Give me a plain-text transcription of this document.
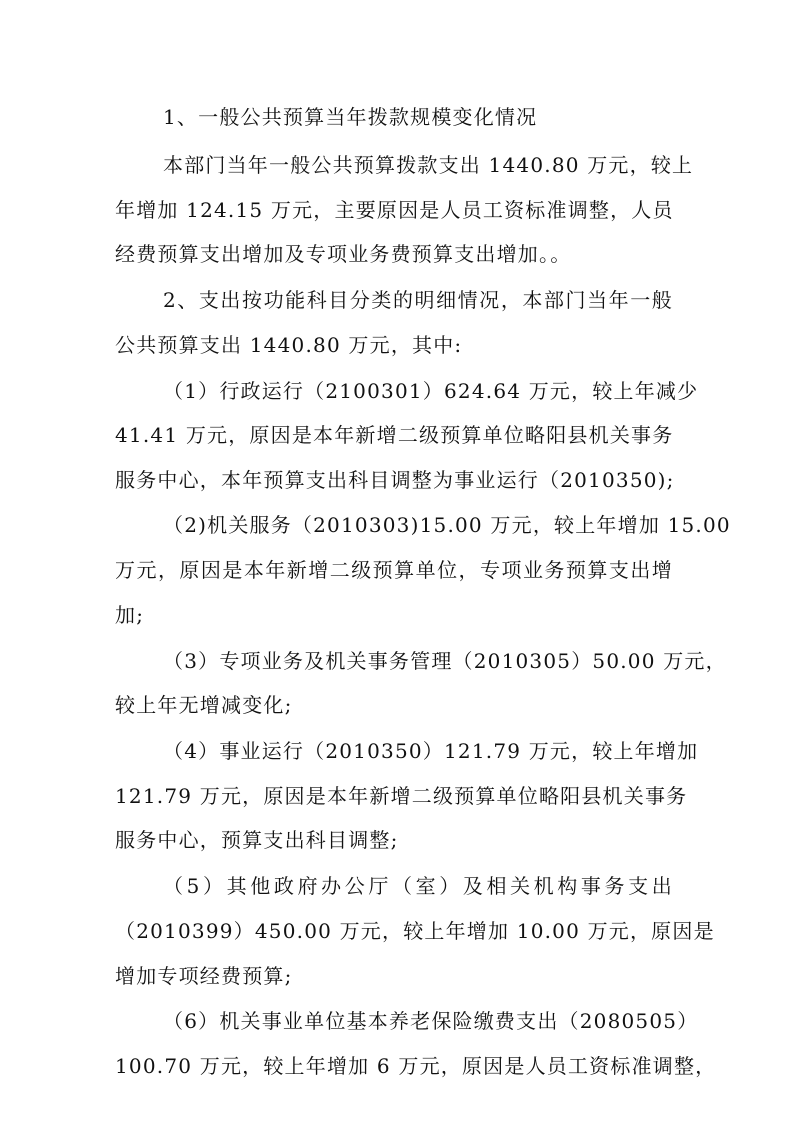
1、一般公共预算当年拨款规模变化情况
本部门当年一般公共预算拨款支出 1440.80 万元，较上
年增加 124.15 万元，主要原因是人员工资标准调整，人员
经费预算支出增加及专项业务费预算支出增加。。
2、支出按功能科目分类的明细情况，本部门当年一般
公共预算支出 1440.80 万元，其中:
（1）行政运行（2100301）624.64 万元，较上年减少
41.41 万元，原因是本年新增二级预算单位略阳县机关事务
服务中心，本年预算支出科目调整为事业运行（2010350);
（2)机关服务（2010303)15.00 万元，较上年增加 15.00
万元，原因是本年新增二级预算单位，专项业务预算支出增
加;
（3）专项业务及机关事务管理（2010305）50.00 万元，
较上年无增减变化;
（4）事业运行（2010350）121.79 万元，较上年增加
121.79 万元，原因是本年新增二级预算单位略阳县机关事务
服务中心，预算支出科目调整;
（5）其他政府办公厅（室）及相关机构事务支出
（2010399）450.00 万元，较上年增加 10.00 万元，原因是
增加专项经费预算;
（6）机关事业单位基本养老保险缴费支出（2080505）
100.70 万元，较上年增加 6 万元，原因是人员工资标准调整，
